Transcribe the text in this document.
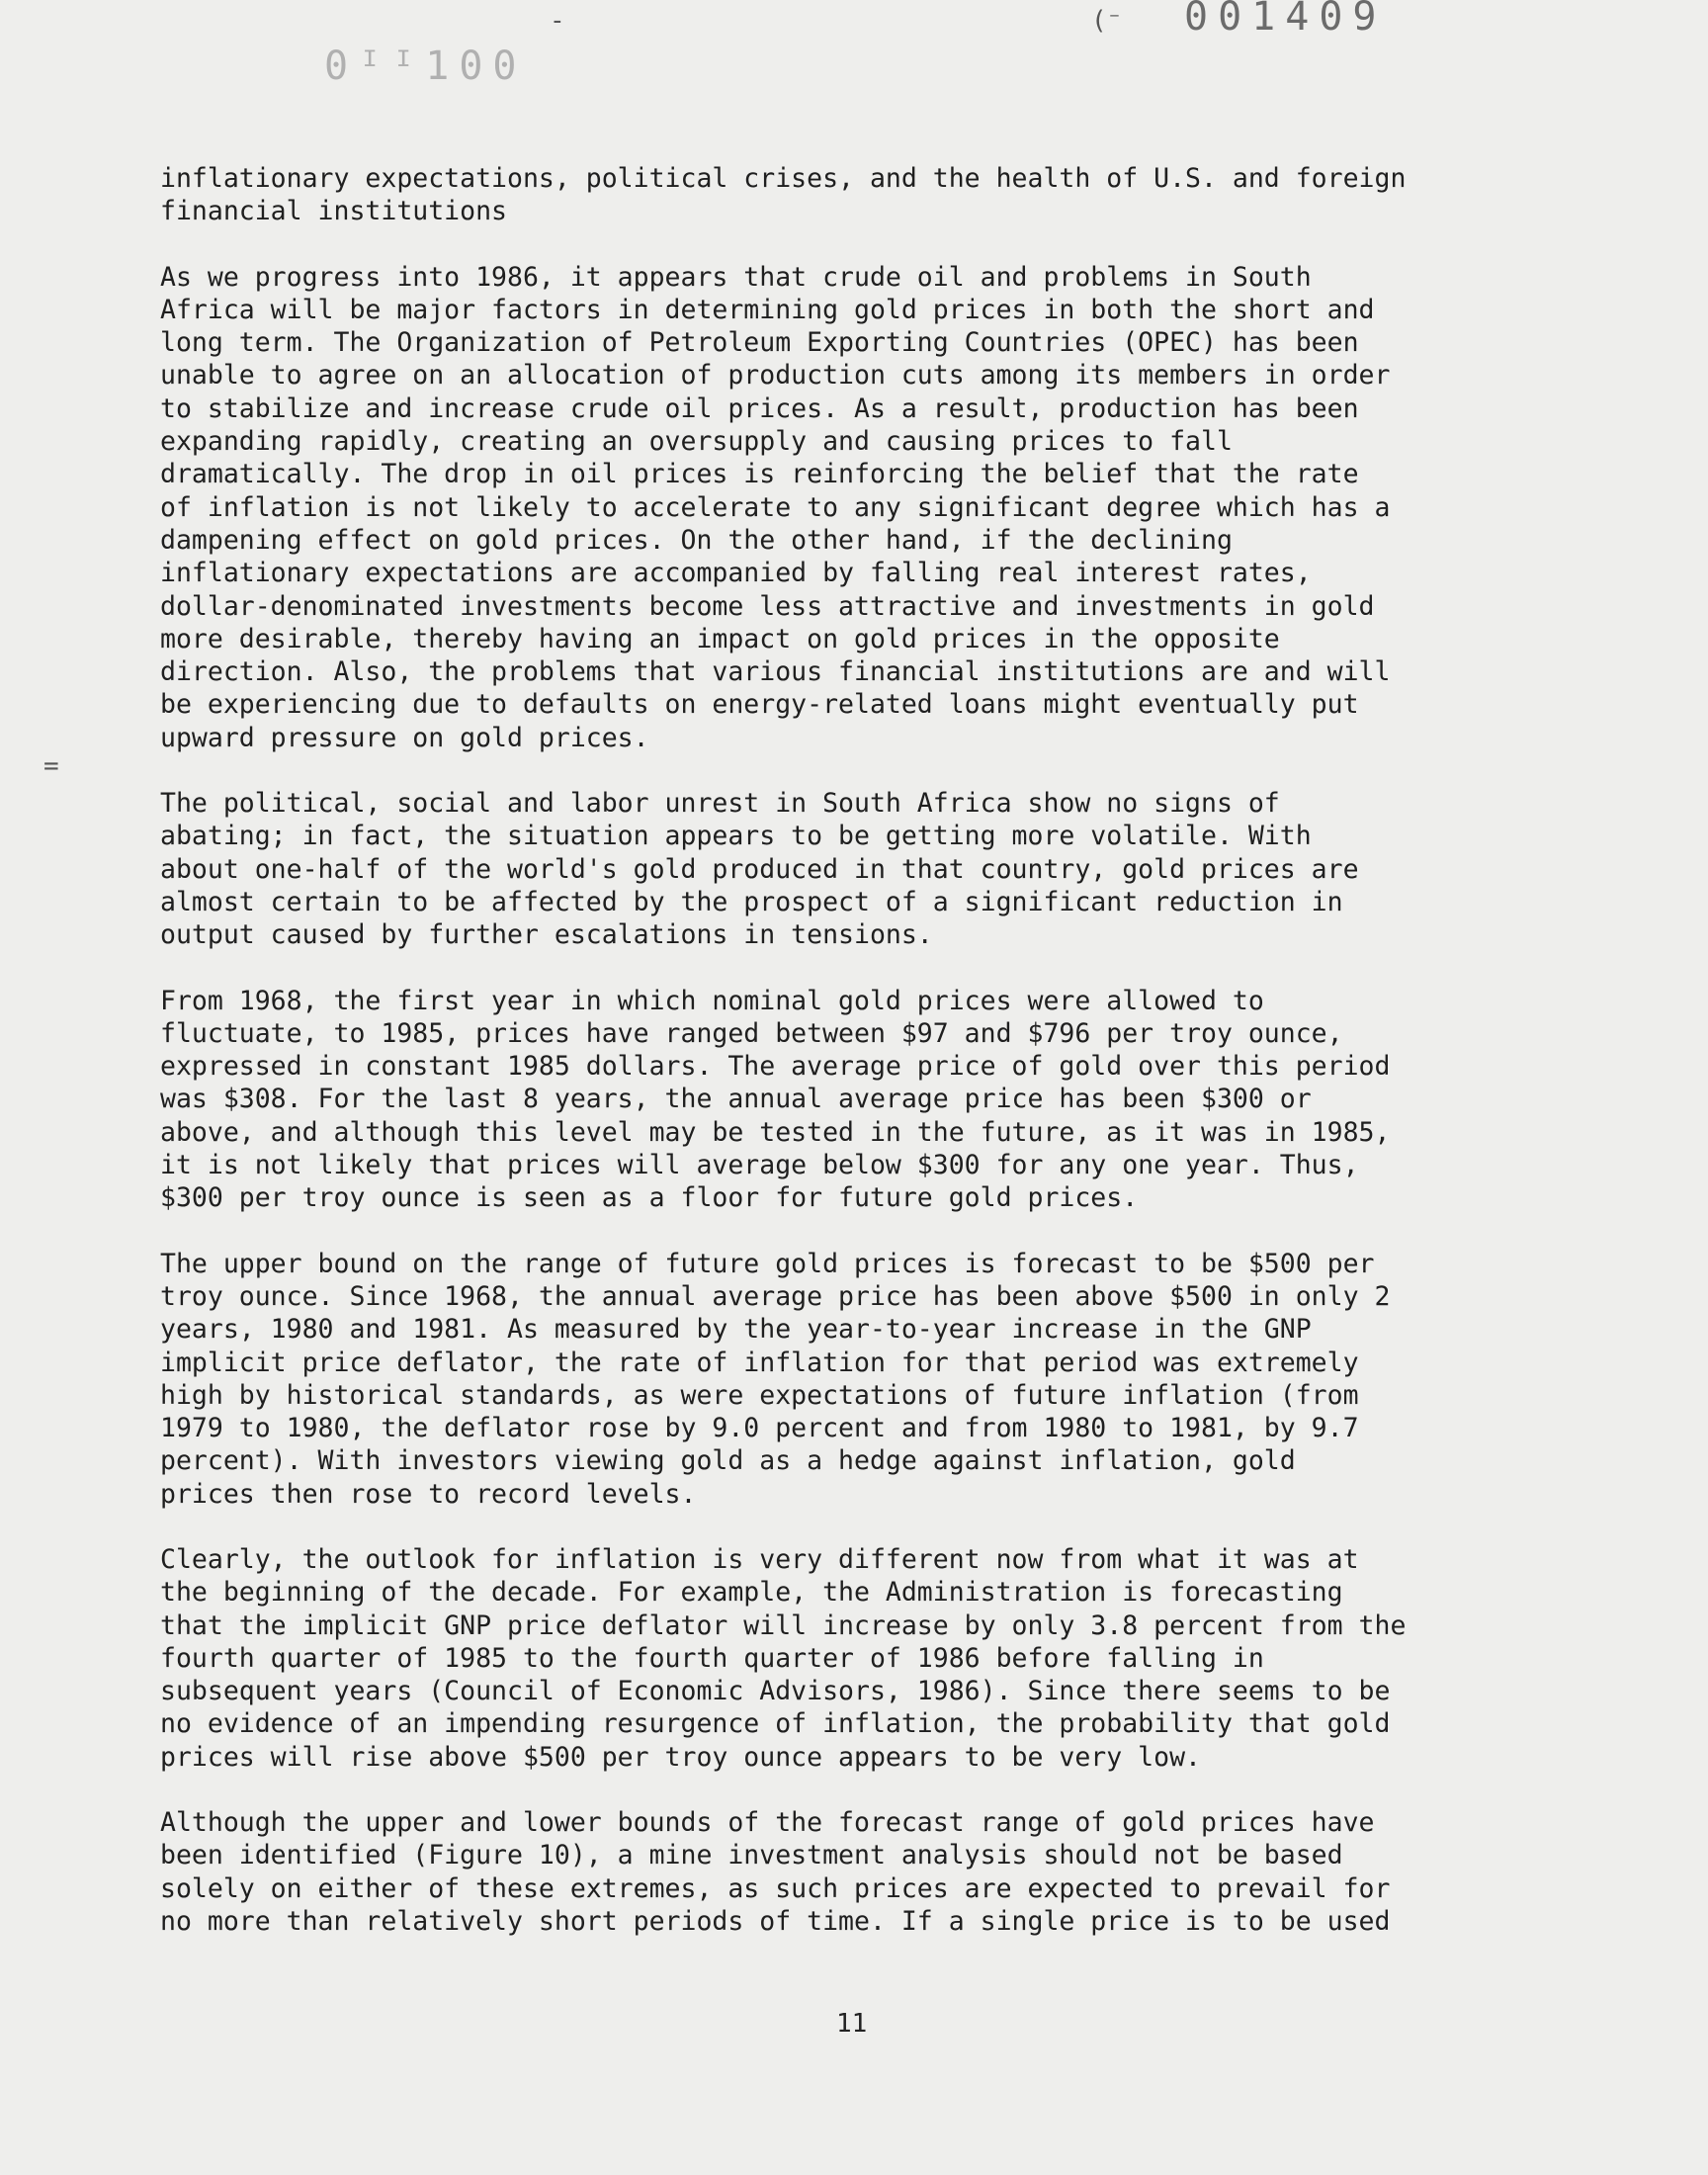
0ᴵᴵ100
001409
-	(⁻
=

inflationary expectations, political crises, and the health of U.S. and foreign
financial institutions

As we progress into 1986, it appears that crude oil and problems in South
Africa will be major factors in determining gold prices in both the short and
long term. The Organization of Petroleum Exporting Countries (OPEC) has been
unable to agree on an allocation of production cuts among its members in order
to stabilize and increase crude oil prices. As a result, production has been
expanding rapidly, creating an oversupply and causing prices to fall
dramatically. The drop in oil prices is reinforcing the belief that the rate
of inflation is not likely to accelerate to any significant degree which has a
dampening effect on gold prices. On the other hand, if the declining
inflationary expectations are accompanied by falling real interest rates,
dollar-denominated investments become less attractive and investments in gold
more desirable, thereby having an impact on gold prices in the opposite
direction. Also, the problems that various financial institutions are and will
be experiencing due to defaults on energy-related loans might eventually put
upward pressure on gold prices.

The political, social and labor unrest in South Africa show no signs of
abating; in fact, the situation appears to be getting more volatile. With
about one-half of the world's gold produced in that country, gold prices are
almost certain to be affected by the prospect of a significant reduction in
output caused by further escalations in tensions.

From 1968, the first year in which nominal gold prices were allowed to
fluctuate, to 1985, prices have ranged between $97 and $796 per troy ounce,
expressed in constant 1985 dollars. The average price of gold over this period
was $308. For the last 8 years, the annual average price has been $300 or
above, and although this level may be tested in the future, as it was in 1985,
it is not likely that prices will average below $300 for any one year. Thus,
$300 per troy ounce is seen as a floor for future gold prices.

The upper bound on the range of future gold prices is forecast to be $500 per
troy ounce. Since 1968, the annual average price has been above $500 in only 2
years, 1980 and 1981. As measured by the year-to-year increase in the GNP
implicit price deflator, the rate of inflation for that period was extremely
high by historical standards, as were expectations of future inflation (from
1979 to 1980, the deflator rose by 9.0 percent and from 1980 to 1981, by 9.7
percent). With investors viewing gold as a hedge against inflation, gold
prices then rose to record levels.

Clearly, the outlook for inflation is very different now from what it was at
the beginning of the decade. For example, the Administration is forecasting
that the implicit GNP price deflator will increase by only 3.8 percent from the
fourth quarter of 1985 to the fourth quarter of 1986 before falling in
subsequent years (Council of Economic Advisors, 1986). Since there seems to be
no evidence of an impending resurgence of inflation, the probability that gold
prices will rise above $500 per troy ounce appears to be very low.

Although the upper and lower bounds of the forecast range of gold prices have
been identified (Figure 10), a mine investment analysis should not be based
solely on either of these extremes, as such prices are expected to prevail for
no more than relatively short periods of time. If a single price is to be used

11
